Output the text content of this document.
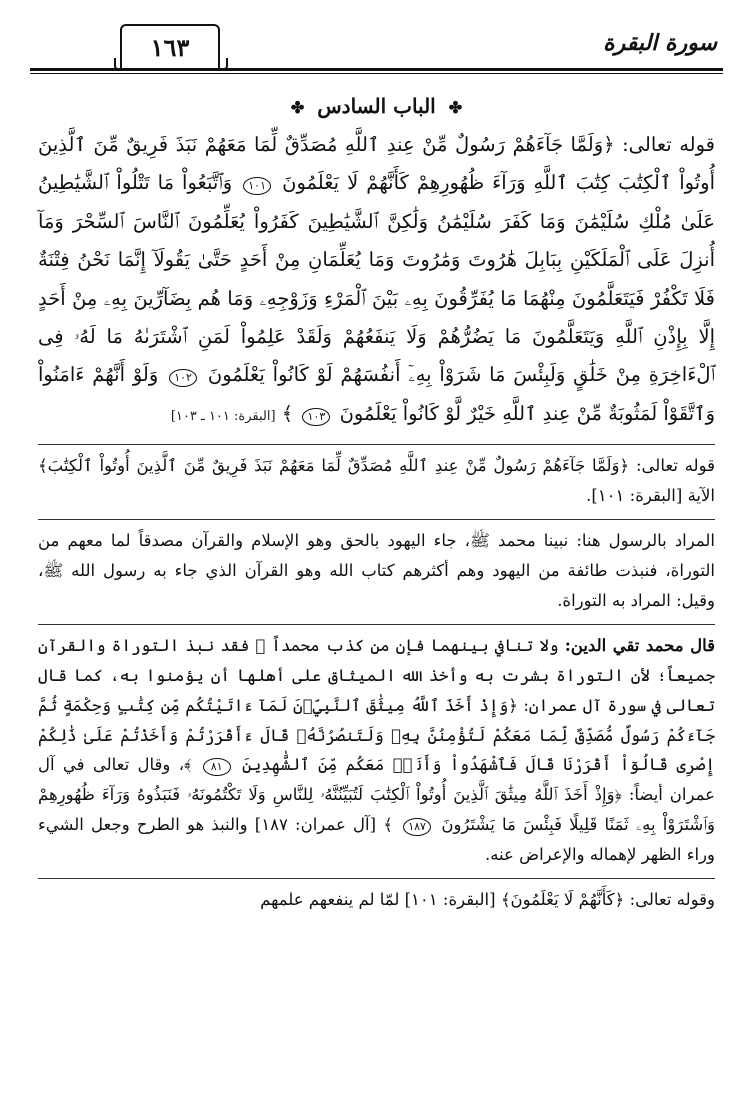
١٦٣	سورة البقرة
✤ الباب السادس ✤

قوله تعالى: ﴿وَلَمَّا جَآءَهُمْ رَسُولٌ مِّنْ عِندِ ٱللَّهِ مُصَدِّقٌ لِّمَا مَعَهُمْ نَبَذَ فَرِيقٌ مِّنَ ٱلَّذِينَ أُوتُواْ ٱلْكِتَٰبَ كِتَٰبَ ٱللَّهِ وَرَآءَ ظُهُورِهِمْ كَأَنَّهُمْ لَا يَعْلَمُونَ ١٠١ وَٱتَّبَعُواْ مَا تَتْلُواْ ٱلشَّيَٰطِينُ عَلَىٰ مُلْكِ سُلَيْمَٰنَ وَمَا كَفَرَ سُلَيْمَٰنُ وَلَٰكِنَّ ٱلشَّيَٰطِينَ كَفَرُواْ يُعَلِّمُونَ ٱلنَّاسَ ٱلسِّحْرَ وَمَآ أُنزِلَ عَلَى ٱلْمَلَكَيْنِ بِبَابِلَ هَٰرُوتَ وَمَٰرُوتَ وَمَا يُعَلِّمَانِ مِنْ أَحَدٍ حَتَّىٰ يَقُولَآ إِنَّمَا نَحْنُ فِتْنَةٌ فَلَا تَكْفُرْ فَيَتَعَلَّمُونَ مِنْهُمَا مَا يُفَرِّقُونَ بِهِۦ بَيْنَ ٱلْمَرْءِ وَزَوْجِهِۦ وَمَا هُم بِضَآرِّينَ بِهِۦ مِنْ أَحَدٍ إِلَّا بِإِذْنِ ٱللَّهِ وَيَتَعَلَّمُونَ مَا يَضُرُّهُمْ وَلَا يَنفَعُهُمْ وَلَقَدْ عَلِمُواْ لَمَنِ ٱشْتَرَىٰهُ مَا لَهُۥ فِى ٱلْءَاخِرَةِ مِنْ خَلَٰقٍ وَلَبِئْسَ مَا شَرَوْاْ بِهِۦٓ أَنفُسَهُمْ لَوْ كَانُواْ يَعْلَمُونَ ١٠٢ وَلَوْ أَنَّهُمْ ءَامَنُواْ وَٱتَّقَوْاْ لَمَثُوبَةٌ مِّنْ عِندِ ٱللَّهِ خَيْرٌ لَّوْ كَانُواْ يَعْلَمُونَ ١٠٣ ﴾ [البقرة: ١٠١ ـ ١٠٣]

قوله تعالى: ﴿وَلَمَّا جَآءَهُمْ رَسُولٌ مِّنْ عِندِ ٱللَّهِ مُصَدِّقٌ لِّمَا مَعَهُمْ نَبَذَ فَرِيقٌ مِّنَ ٱلَّذِينَ أُوتُواْ ٱلْكِتَٰبَ﴾ الآية [البقرة: ١٠١].

المراد بالرسول هنا: نبينا محمد ﷺ، جاء اليهود بالحق وهو الإسلام والقرآن مصدقاً لما معهم من التوراة، فنبذت طائفة من اليهود وهم أكثرهم كتاب الله وهو القرآن الذي جاء به رسول الله ﷺ، وقيل: المراد به التوراة.

قال محمد تقي الدين: ولا تنافي بينهما فإن من كذب محمداً ﷺ فقد نبذ التوراة والقرآن جميعاً؛ لأن التوراة بشرت به وأخذ الله الميثاق على أهلها أن يؤمنوا به، كما قال تعالى في سورة آل عمران: ﴿وَإِذْ أَخَذَ ٱللَّهُ مِيثَٰقَ ٱلنَّبِيِّۦنَ لَمَآ ءَاتَيْتُكُم مِّن كِتَٰبٍ وَحِكْمَةٍ ثُمَّ جَآءَكُمْ رَسُولٌ مُّصَدِّقٌ لِّمَا مَعَكُمْ لَتُؤْمِنُنَّ بِهِۦ وَلَتَنصُرُنَّهُۥ قَالَ ءَأَقْرَرْتُمْ وَأَخَذْتُمْ عَلَىٰ ذَٰلِكُمْ إِصْرِى قَالُوٓاْ أَقْرَرْنَا قَالَ فَٱشْهَدُواْ وَأَنَا۠ مَعَكُم مِّنَ ٱلشَّٰهِدِينَ ٨١ ﴾، وقال تعالى في آل عمران أيضاً: ﴿وَإِذْ أَخَذَ ٱللَّهُ مِيثَٰقَ ٱلَّذِينَ أُوتُواْ ٱلْكِتَٰبَ لَتُبَيِّنُنَّهُۥ لِلنَّاسِ وَلَا تَكْتُمُونَهُۥ فَنَبَذُوهُ وَرَآءَ ظُهُورِهِمْ وَٱشْتَرَوْاْ بِهِۦ ثَمَنًا قَلِيلًا فَبِئْسَ مَا يَشْتَرُونَ ١٨٧ ﴾ [آل عمران: ١٨٧] والنبذ هو الطرح وجعل الشيء وراء الظهر لإهماله والإعراض عنه.

وقوله تعالى: ﴿كَأَنَّهُمْ لَا يَعْلَمُونَ﴾ [البقرة: ١٠١] لمّا لم ينفعهم علمهم
